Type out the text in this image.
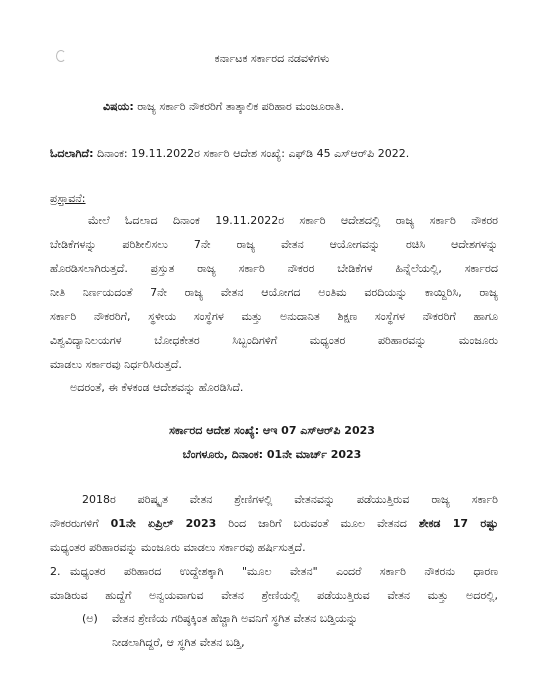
ಕರ್ನಾಟಕ ಸರ್ಕಾರದ ನಡವಳಿಗಳು
ವಿಷಯ: ರಾಜ್ಯ ಸರ್ಕಾರಿ ನೌಕರರಿಗೆ ತಾತ್ಕಾಲಿಕ ಪರಿಹಾರ ಮಂಜೂರಾತಿ.
ಓದಲಾಗಿದೆ: ದಿನಾಂಕ: 19.11.2022ರ ಸರ್ಕಾರಿ ಆದೇಶ ಸಂಖ್ಯೆ: ಎಫ್‌ಡಿ 45 ಎಸ್‌ಆರ್‌ಪಿ 2022.
ಪ್ರಸ್ತಾವನೆ:
ಮೇಲೆ ಓದಲಾದ ದಿನಾಂಕ 19.11.2022ರ ಸರ್ಕಾರಿ ಆದೇಶದಲ್ಲಿ ರಾಜ್ಯ ಸರ್ಕಾರಿ ನೌಕರರ
ಬೇಡಿಕೆಗಳನ್ನು ಪರಿಶೀಲಿಸಲು 7ನೇ ರಾಜ್ಯ ವೇತನ ಆಯೋಗವನ್ನು ರಚಿಸಿ ಆದೇಶಗಳನ್ನು
ಹೊರಡಿಸಲಾಗಿರುತ್ತದೆ. ಪ್ರಸ್ತುತ ರಾಜ್ಯ ಸರ್ಕಾರಿ ನೌಕರರ ಬೇಡಿಕೆಗಳ ಹಿನ್ನೆಲೆಯಲ್ಲಿ, ಸರ್ಕಾರದ
ನೀತಿ ನಿರ್ಣಯದಂತೆ 7ನೇ ರಾಜ್ಯ ವೇತನ ಆಯೋಗದ ಅಂತಿಮ ವರದಿಯನ್ನು ಕಾಯ್ದಿರಿಸಿ, ರಾಜ್ಯ
ಸರ್ಕಾರಿ ನೌಕರರಿಗೆ, ಸ್ಥಳೀಯ ಸಂಸ್ಥೆಗಳ ಮತ್ತು ಅನುದಾನಿತ ಶಿಕ್ಷಣ ಸಂಸ್ಥೆಗಳ ನೌಕರರಿಗೆ ಹಾಗೂ
ವಿಶ್ವವಿದ್ಯಾನಿಲಯಗಳ ಬೋಧಕೇತರ ಸಿಬ್ಬಂದಿಗಳಿಗೆ ಮಧ್ಯಂತರ ಪರಿಹಾರವನ್ನು ಮಂಜೂರು
ಮಾಡಲು ಸರ್ಕಾರವು ನಿರ್ಧರಿಸಿರುತ್ತದೆ.
ಅದರಂತೆ, ಈ ಕೆಳಕಂಡ ಆದೇಶವನ್ನು ಹೊರಡಿಸಿದೆ.
ಸರ್ಕಾರದ ಆದೇಶ ಸಂಖ್ಯೆ: ಆಇ 07 ಎಸ್‌ಆರ್‌ಪಿ 2023
ಬೆಂಗಳೂರು, ದಿನಾಂಕ: 01ನೇ ಮಾರ್ಚ್ 2023
2018ರ ಪರಿಷ್ಕೃತ ವೇತನ ಶ್ರೇಣಿಗಳಲ್ಲಿ ವೇತನವನ್ನು ಪಡೆಯುತ್ತಿರುವ ರಾಜ್ಯ ಸರ್ಕಾರಿ
ನೌಕರರುಗಳಿಗೆ 01ನೇ ಏಪ್ರಿಲ್ 2023 ರಿಂದ ಜಾರಿಗೆ ಬರುವಂತೆ ಮೂಲ ವೇತನದ ಶೇಕಡ 17 ರಷ್ಟು
ಮಧ್ಯಂತರ ಪರಿಹಾರವನ್ನು ಮಂಜೂರು ಮಾಡಲು ಸರ್ಕಾರವು ಹರ್ಷಿಸುತ್ತದೆ.
2. ಮಧ್ಯಂತರ ಪರಿಹಾರದ ಉದ್ದೇಶಕ್ಕಾಗಿ "ಮೂಲ ವೇತನ" ಎಂದರೆ ಸರ್ಕಾರಿ ನೌಕರನು ಧಾರಣ
ಮಾಡಿರುವ ಹುದ್ದೆಗೆ ಅನ್ವಯವಾಗುವ ವೇತನ ಶ್ರೇಣಿಯಲ್ಲಿ ಪಡೆಯುತ್ತಿರುವ ವೇತನ ಮತ್ತು ಅದರಲ್ಲಿ,
(ಅ) ವೇತನ ಶ್ರೇಣಿಯ ಗರಿಷ್ಠಕ್ಕಿಂತ ಹೆಚ್ಚಾಗಿ ಅವನಿಗೆ ಸ್ಥಗಿತ ವೇತನ ಬಡ್ತಿಯನ್ನು
ನೀಡಲಾಗಿದ್ದರೆ, ಆ ಸ್ಥಗಿತ ವೇತನ ಬಡ್ತಿ,
